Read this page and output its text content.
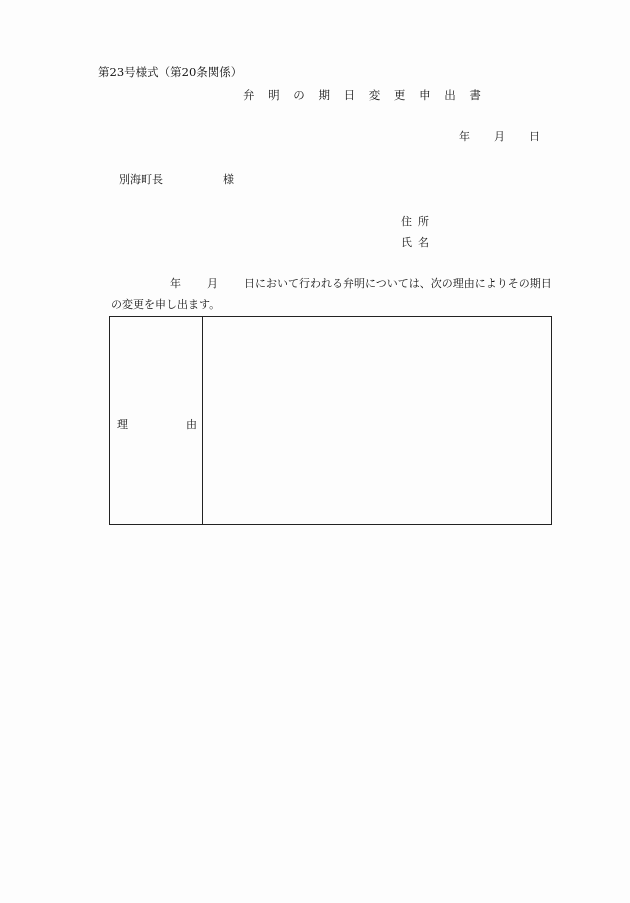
第23号様式（第20条関係）
弁 明 の 期 日 変 更 申 出 書
年 月 日
別海町長	様
住所
氏名
年 月 日において行われる弁明については、次の理由によりその期日
の変更を申し出ます。
理	由
